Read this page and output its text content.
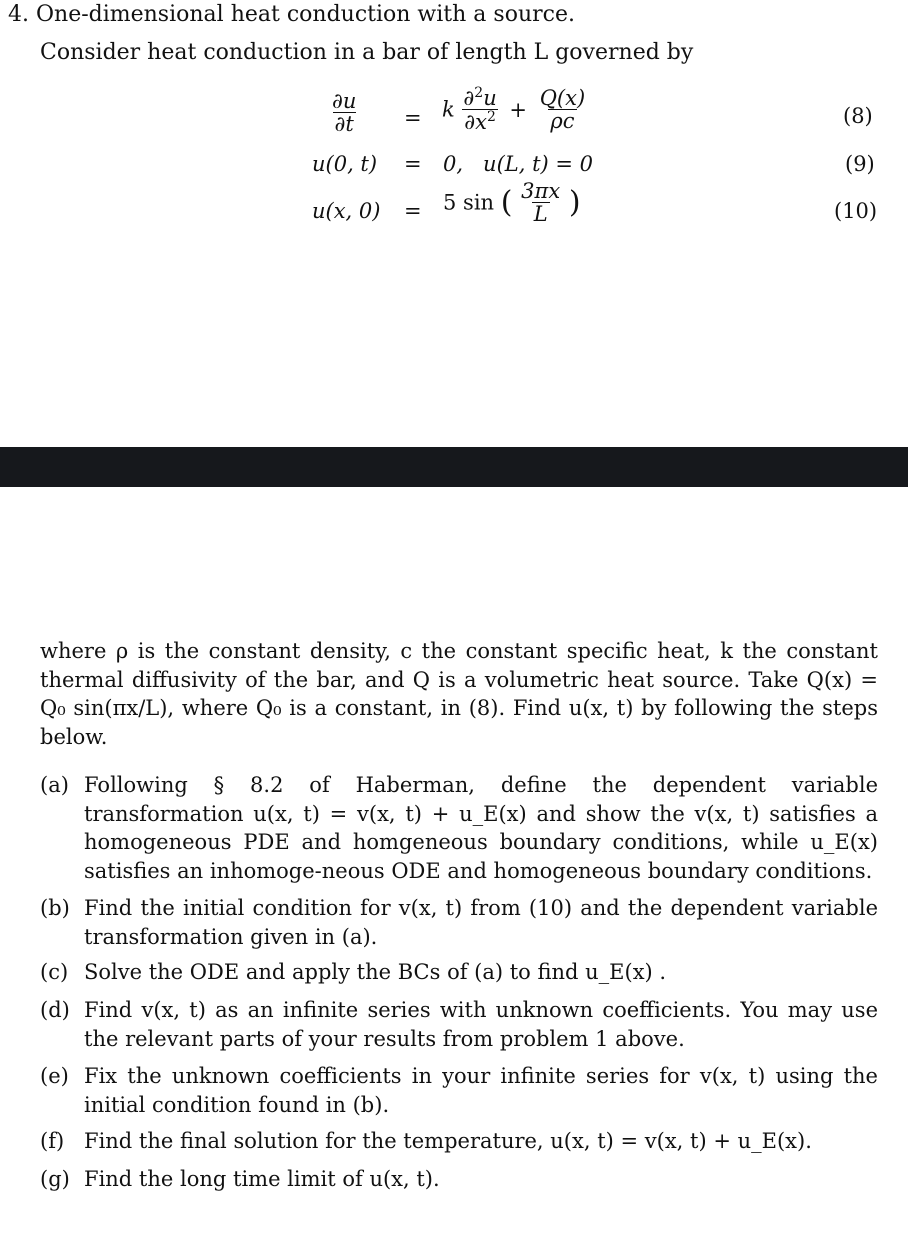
4. One-dimensional heat conduction with a source.
Consider heat conduction in a bar of length L governed by
$\frac{\partial u}{\partial t} = k \frac{\partial^2u}{\partial x^2} + \frac{Q(x)}{\rho c}$	(8)
u(0, t) = 0,   u(L, t) = 0	(9)
u(x, 0) = 5 sin ( $\frac{3\pi x}{L}$ )	(10)
where ρ is the constant density, c the constant specific heat, k the constant thermal diffusivity of the bar, and Q is a volumetric heat source. Take Q(x) = Q₀ sin(πx/L), where Q₀ is a constant, in (8). Find u(x, t) by following the steps below.
(a) Following § 8.2 of Haberman, define the dependent variable transformation u(x, t) = v(x, t) + u_E(x) and show the v(x, t) satisfies a homogeneous PDE and homgeneous boundary conditions, while u_E(x) satisfies an inhomoge-neous ODE and homogeneous boundary conditions.
(b) Find the initial condition for v(x, t) from (10) and the dependent variable transformation given in (a).
(c) Solve the ODE and apply the BCs of (a) to find u_E(x) .
(d) Find v(x, t) as an infinite series with unknown coefficients. You may use the relevant parts of your results from problem 1 above.
(e) Fix the unknown coefficients in your infinite series for v(x, t) using the initial condition found in (b).
(f) Find the final solution for the temperature, u(x, t) = v(x, t) + u_E(x).
(g) Find the long time limit of u(x, t).
